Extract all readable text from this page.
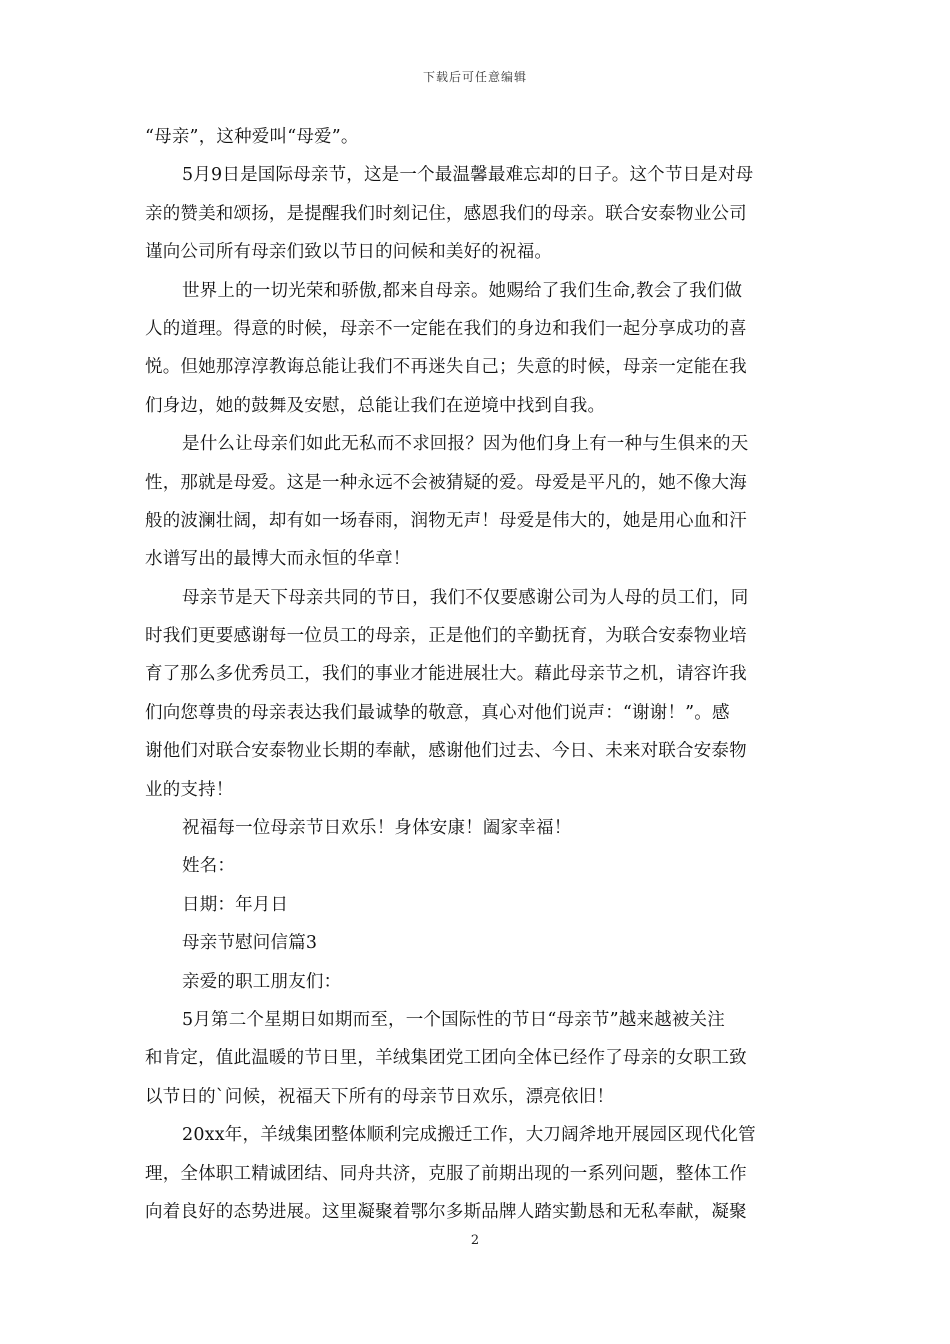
下载后可任意编辑
“母亲”，这种爱叫“母爱”。
5月9日是国际母亲节，这是一个最温馨最难忘却的日子。这个节日是对母
亲的赞美和颂扬，是提醒我们时刻记住，感恩我们的母亲。联合安泰物业公司
谨向公司所有母亲们致以节日的问候和美好的祝福。
世界上的一切光荣和骄傲,都来自母亲。她赐给了我们生命,教会了我们做
人的道理。得意的时候，母亲不一定能在我们的身边和我们一起分享成功的喜
悦。但她那淳淳教诲总能让我们不再迷失自己；失意的时候，母亲一定能在我
们身边，她的鼓舞及安慰，总能让我们在逆境中找到自我。
是什么让母亲们如此无私而不求回报？因为他们身上有一种与生俱来的天
性，那就是母爱。这是一种永远不会被猜疑的爱。母爱是平凡的，她不像大海
般的波澜壮阔，却有如一场春雨，润物无声！母爱是伟大的，她是用心血和汗
水谱写出的最博大而永恒的华章！
母亲节是天下母亲共同的节日，我们不仅要感谢公司为人母的员工们，同
时我们更要感谢每一位员工的母亲，正是他们的辛勤抚育，为联合安泰物业培
育了那么多优秀员工，我们的事业才能进展壮大。藉此母亲节之机，请容许我
们向您尊贵的母亲表达我们最诚挚的敬意，真心对他们说声：“谢谢！”。感
谢他们对联合安泰物业长期的奉献，感谢他们过去、今日、未来对联合安泰物
业的支持！
祝福每一位母亲节日欢乐！身体安康！阖家幸福！
姓名：
日期：年月日
母亲节慰问信篇3
亲爱的职工朋友们：
5月第二个星期日如期而至，一个国际性的节日“母亲节”越来越被关注
和肯定，值此温暖的节日里，羊绒集团党工团向全体已经作了母亲的女职工致
以节日的`问候，祝福天下所有的母亲节日欢乐，漂亮依旧！
20xx年，羊绒集团整体顺利完成搬迁工作，大刀阔斧地开展园区现代化管
理，全体职工精诚团结、同舟共济，克服了前期出现的一系列问题，整体工作
向着良好的态势进展。这里凝聚着鄂尔多斯品牌人踏实勤恳和无私奉献，凝聚
2
